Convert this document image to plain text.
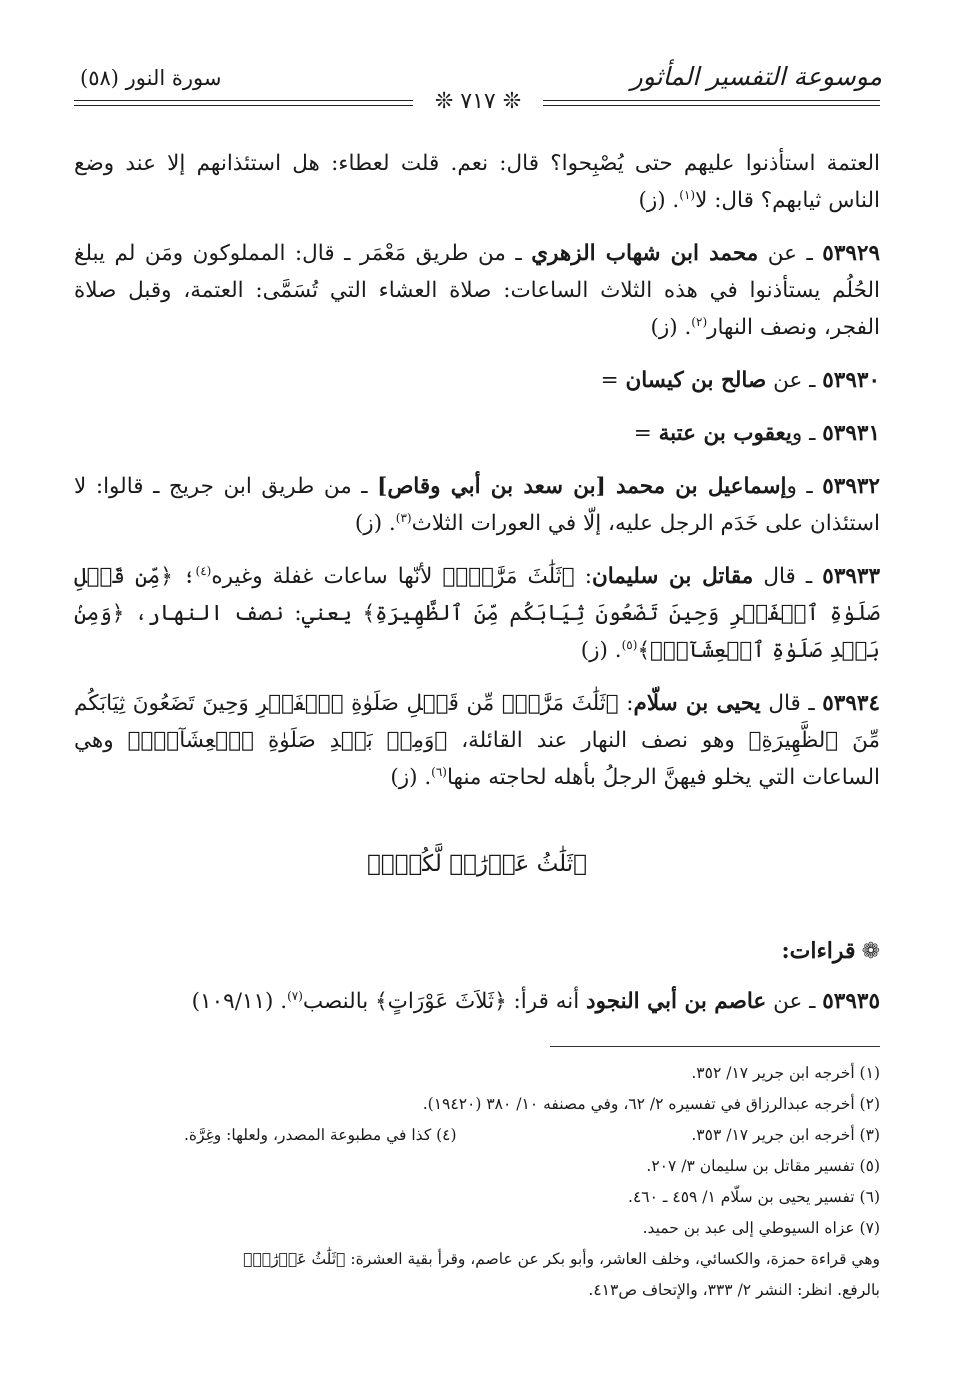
موسوعة التفسير المأثور
سورة النور (٥٨)
❊ ٧١٧ ❊

العتمة استأذنوا عليهم حتى يُصْبِحوا؟ قال: نعم. قلت لعطاء: هل استئذانهم إلا عند وضع الناس ثيابهم؟ قال: لا$^{(١)}$. (ز)

٥٣٩٢٩ ـ عن محمد ابن شهاب الزهري ـ من طريق مَعْمَر ـ قال: المملوكون ومَن لم يبلغ الحُلُم يستأذنوا في هذه الثلاث الساعات: صلاة العشاء التي تُسَمَّى: العتمة، وقبل صلاة الفجر، ونصف النهار$^{(٢)}$. (ز)

٥٣٩٣٠ ـ عن صالح بن كيسان =

٥٣٩٣١ ـ ويعقوب بن عتبة =

٥٣٩٣٢ ـ وإسماعيل بن محمد [بن سعد بن أبي وقاص] ـ من طريق ابن جريج ـ قالوا: لا استئذان على خَدَم الرجل عليه، إلّا في العورات الثلاث$^{(٣)}$. (ز)

٥٣٩٣٣ ـ قال مقاتل بن سليمان: ﴿ثَلَٰثَ مَرَّٰتٍۚ﴾ لأنّها ساعات غفلة وغيره$^{(٤)}$؛ ﴿مِّن قَبۡلِ صَلَوٰةِ ٱلۡفَجۡرِ وَحِينَ تَضَعُونَ ثِيَابَكُم مِّنَ ٱلظَّهِيرَةِ﴾ يعني: نصف النهار، ﴿وَمِنۢ بَعۡدِ صَلَوٰةِ ٱلۡعِشَآءِۚ﴾$^{(٥)}$. (ز)

٥٣٩٣٤ ـ قال يحيى بن سلّام: ﴿ثَلَٰثَ مَرَّٰتٍۚ مِّن قَبۡلِ صَلَوٰةِ ٱلۡفَجۡرِ وَحِينَ تَضَعُونَ ثِيَابَكُم مِّنَ ٱلظَّهِيرَةِ﴾ وهو نصف النهار عند القائلة، ﴿وَمِنۢ بَعۡدِ صَلَوٰةِ ٱلۡعِشَآءِۚ﴾ وهي الساعات التي يخلو فيهنَّ الرجلُ بأهله لحاجته منها$^{(٦)}$. (ز)

﴿ثَلَٰثُ عَوۡرَٰتٖ لَّكُمۡۚ﴾
❁قراءات:
٥٣٩٣٥ ـ عن عاصم بن أبي النجود أنه قرأ: ﴿ثَلاَثَ عَوْرَاتٍ﴾ بالنصب$^{(٧)}$. (١٠٩/١١)
(١) أخرجه ابن جرير ١٧/ ٣٥٢.
(٢) أخرجه عبدالرزاق في تفسيره ٢/ ٦٢، وفي مصنفه ١٠/ ٣٨٠ (١٩٤٢٠).
(٣) أخرجه ابن جرير ١٧/ ٣٥٣.
(٤) كذا في مطبوعة المصدر، ولعلها: وغِرَّة.
(٥) تفسير مقاتل بن سليمان ٣/ ٢٠٧.
(٦) تفسير يحيى بن سلّام ١/ ٤٥٩ ـ ٤٦٠.
(٧) عزاه السيوطي إلى عبد بن حميد.
وهي قراءة حمزة، والكسائي، وخلف العاشر، وأبو بكر عن عاصم، وقرأ بقية العشرة: ﴿ثَلَٰثُ عَوۡرَٰتٖ﴾
بالرفع. انظر: النشر ٢/ ٣٣٣، والإتحاف ص٤١٣.
